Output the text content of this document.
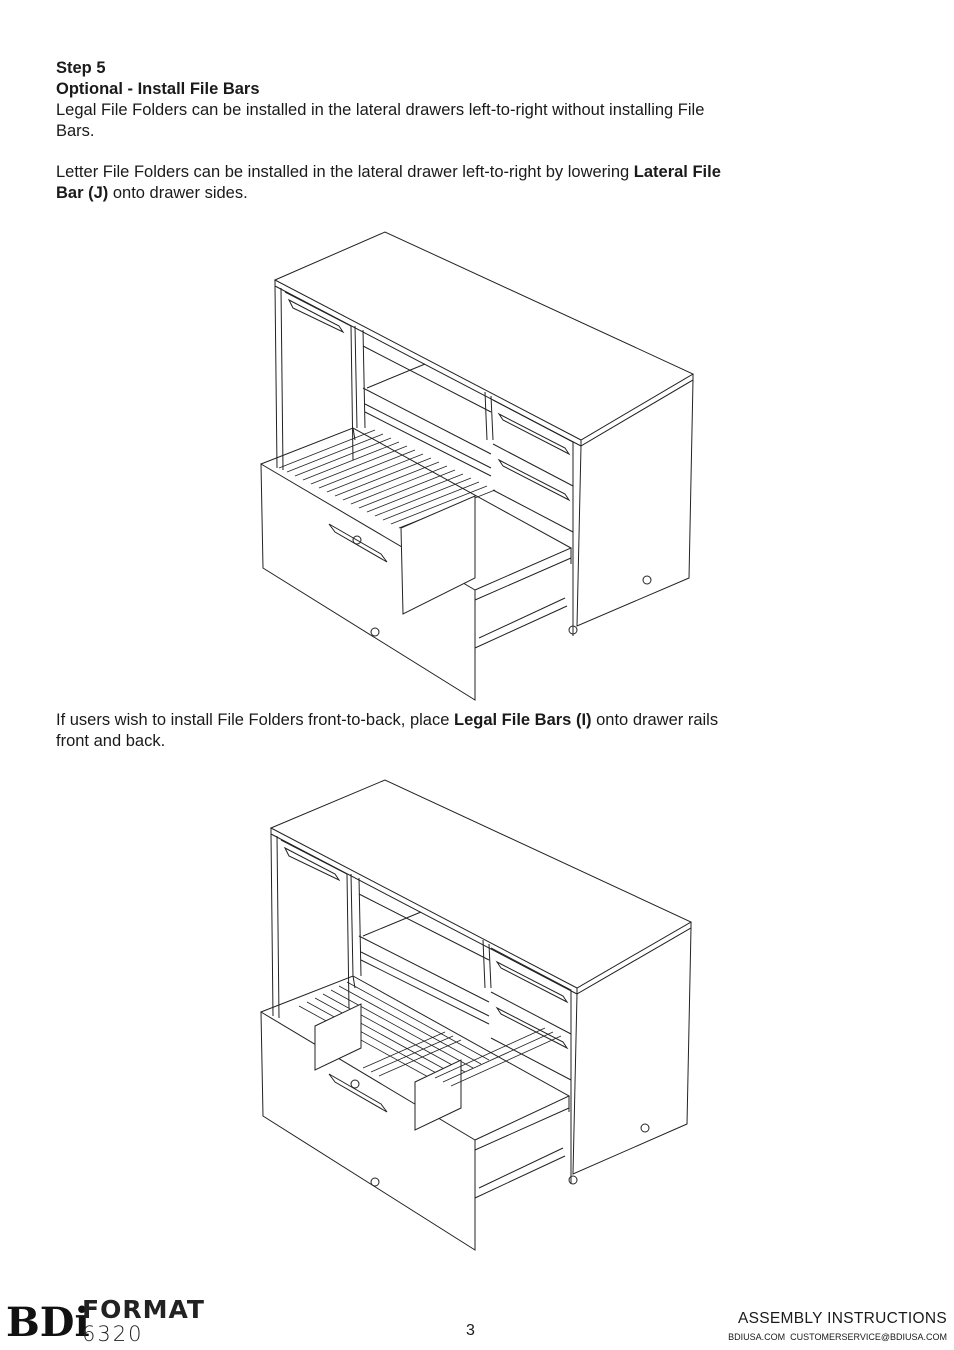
Step 5
Optional - Install File Bars
Legal File Folders can be installed in the lateral drawers left-to-right without installing File Bars.
Letter File Folders can be installed in the lateral drawer left-to-right by lowering Lateral File Bar (J) onto drawer sides.
If users wish to install File Folders front-to-back, place Legal File Bars (I) onto drawer rails front and back.
BDi
FORMAT
6320	3
ASSEMBLY INSTRUCTIONS
BDIUSA.COM CUSTOMERSERVICE@BDIUSA.COM
